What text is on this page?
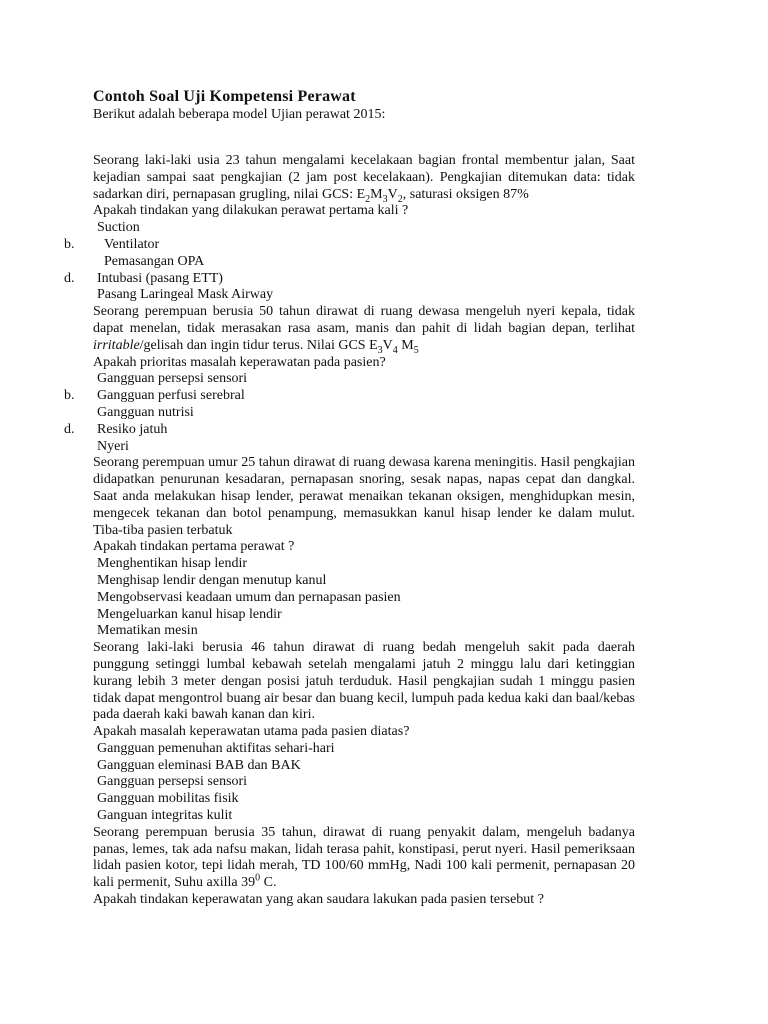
Contoh Soal Uji Kompetensi Perawat
Berikut adalah beberapa model Ujian perawat 2015:

Seorang laki-laki usia 23 tahun mengalami kecelakaan bagian frontal membentur jalan, Saat kejadian sampai saat pengkajian (2 jam post kecelakaan). Pengkajian ditemukan data: tidak sadarkan diri, pernapasan grugling, nilai GCS: $E_2M_3V_2$, saturasi oksigen 87%

Apakah tindakan yang dilakukan perawat pertama kali ?

Suction
b. Ventilator
Pemasangan OPA
d. Intubasi (pasang ETT)
Pasang Laringeal Mask Airway

Seorang perempuan berusia 50 tahun dirawat di ruang dewasa mengeluh nyeri kepala, tidak dapat menelan, tidak merasakan rasa asam, manis dan pahit di lidah bagian depan, terlihat irritable/gelisah dan ingin tidur terus. Nilai GCS $E_3V_4$ $M_5$

Apakah prioritas masalah keperawatan pada pasien?

Gangguan persepsi sensori
b. Gangguan perfusi serebral
Gangguan nutrisi
d. Resiko jatuh
Nyeri

Seorang perempuan umur 25 tahun dirawat di ruang dewasa karena meningitis. Hasil pengkajian didapatkan penurunan kesadaran, pernapasan snoring, sesak napas, napas cepat dan dangkal. Saat anda melakukan hisap lender, perawat menaikan tekanan oksigen, menghidupkan mesin, mengecek tekanan dan botol penampung, memasukkan kanul hisap lender ke dalam mulut. Tiba-tiba pasien terbatuk

Apakah tindakan pertama perawat ?

Menghentikan hisap lendir
Menghisap lendir dengan menutup kanul
Mengobservasi keadaan umum dan pernapasan pasien
Mengeluarkan kanul hisap lendir
Mematikan mesin

Seorang laki-laki berusia 46 tahun dirawat di ruang bedah mengeluh sakit pada daerah punggung setinggi lumbal kebawah setelah mengalami jatuh 2 minggu lalu dari ketinggian kurang lebih 3 meter dengan posisi jatuh terduduk. Hasil pengkajian sudah 1 minggu pasien tidak dapat mengontrol buang air besar dan buang kecil, lumpuh pada kedua kaki dan baal/kebas pada daerah kaki bawah kanan dan kiri.

Apakah masalah keperawatan utama pada pasien diatas?

Gangguan pemenuhan aktifitas sehari-hari
Gangguan eleminasi BAB dan BAK
Gangguan persepsi sensori
Gangguan mobilitas fisik
Ganguan integritas kulit

Seorang perempuan berusia 35 tahun, dirawat di ruang penyakit dalam, mengeluh badanya panas, lemes, tak ada nafsu makan, lidah terasa pahit, konstipasi, perut nyeri. Hasil pemeriksaan lidah pasien kotor, tepi lidah merah, TD 100/60 mmHg, Nadi 100 kali permenit, pernapasan 20 kali permenit, Suhu axilla $39^0$ C.

Apakah tindakan keperawatan yang akan saudara lakukan pada pasien tersebut ?
